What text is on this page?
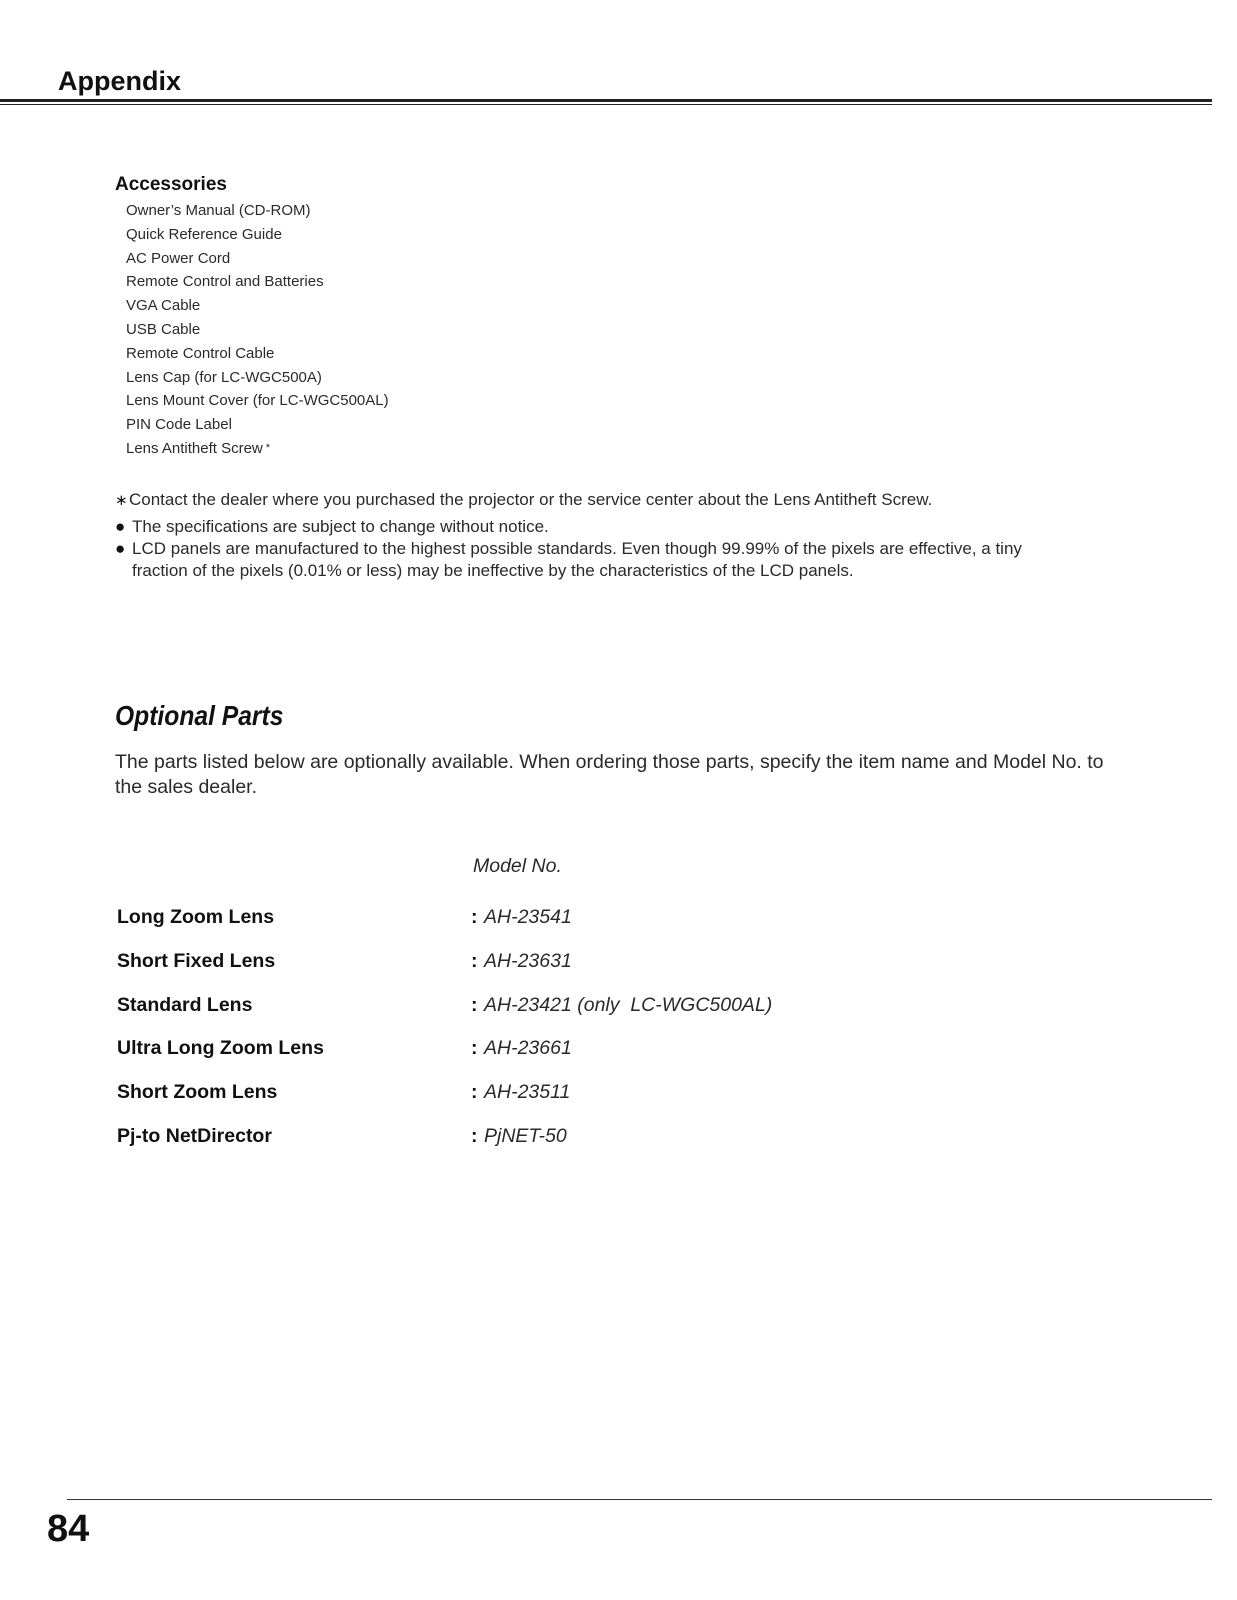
Appendix
Accessories
Owner’s Manual (CD-ROM)
Quick Reference Guide
AC Power Cord
Remote Control and Batteries
VGA Cable
USB Cable
Remote Control Cable
Lens Cap (for LC-WGC500A)
Lens Mount Cover (for LC-WGC500AL)
PIN Code Label
Lens Antitheft Screw *
∗Contact the dealer where you purchased the projector or the service center about the Lens Antitheft Screw.
● The specifications are subject to change without notice.
● LCD panels are manufactured to the highest possible standards. Even though 99.99% of the pixels are effective, a tiny
fraction of the pixels (0.01% or less) may be ineffective by the characteristics of the LCD panels.
Optional Parts

The parts listed below are optionally available. When ordering those parts, specify the item name and Model No. to the sales dealer.

Model No.
Long Zoom Lens	: AH-23541
Short Fixed Lens	: AH-23631
Standard Lens	: AH-23421 (only  LC-WGC500AL)
Ultra Long Zoom Lens	: AH-23661
Short Zoom Lens	: AH-23511
Pj-to NetDirector	: PjNET-50
84
